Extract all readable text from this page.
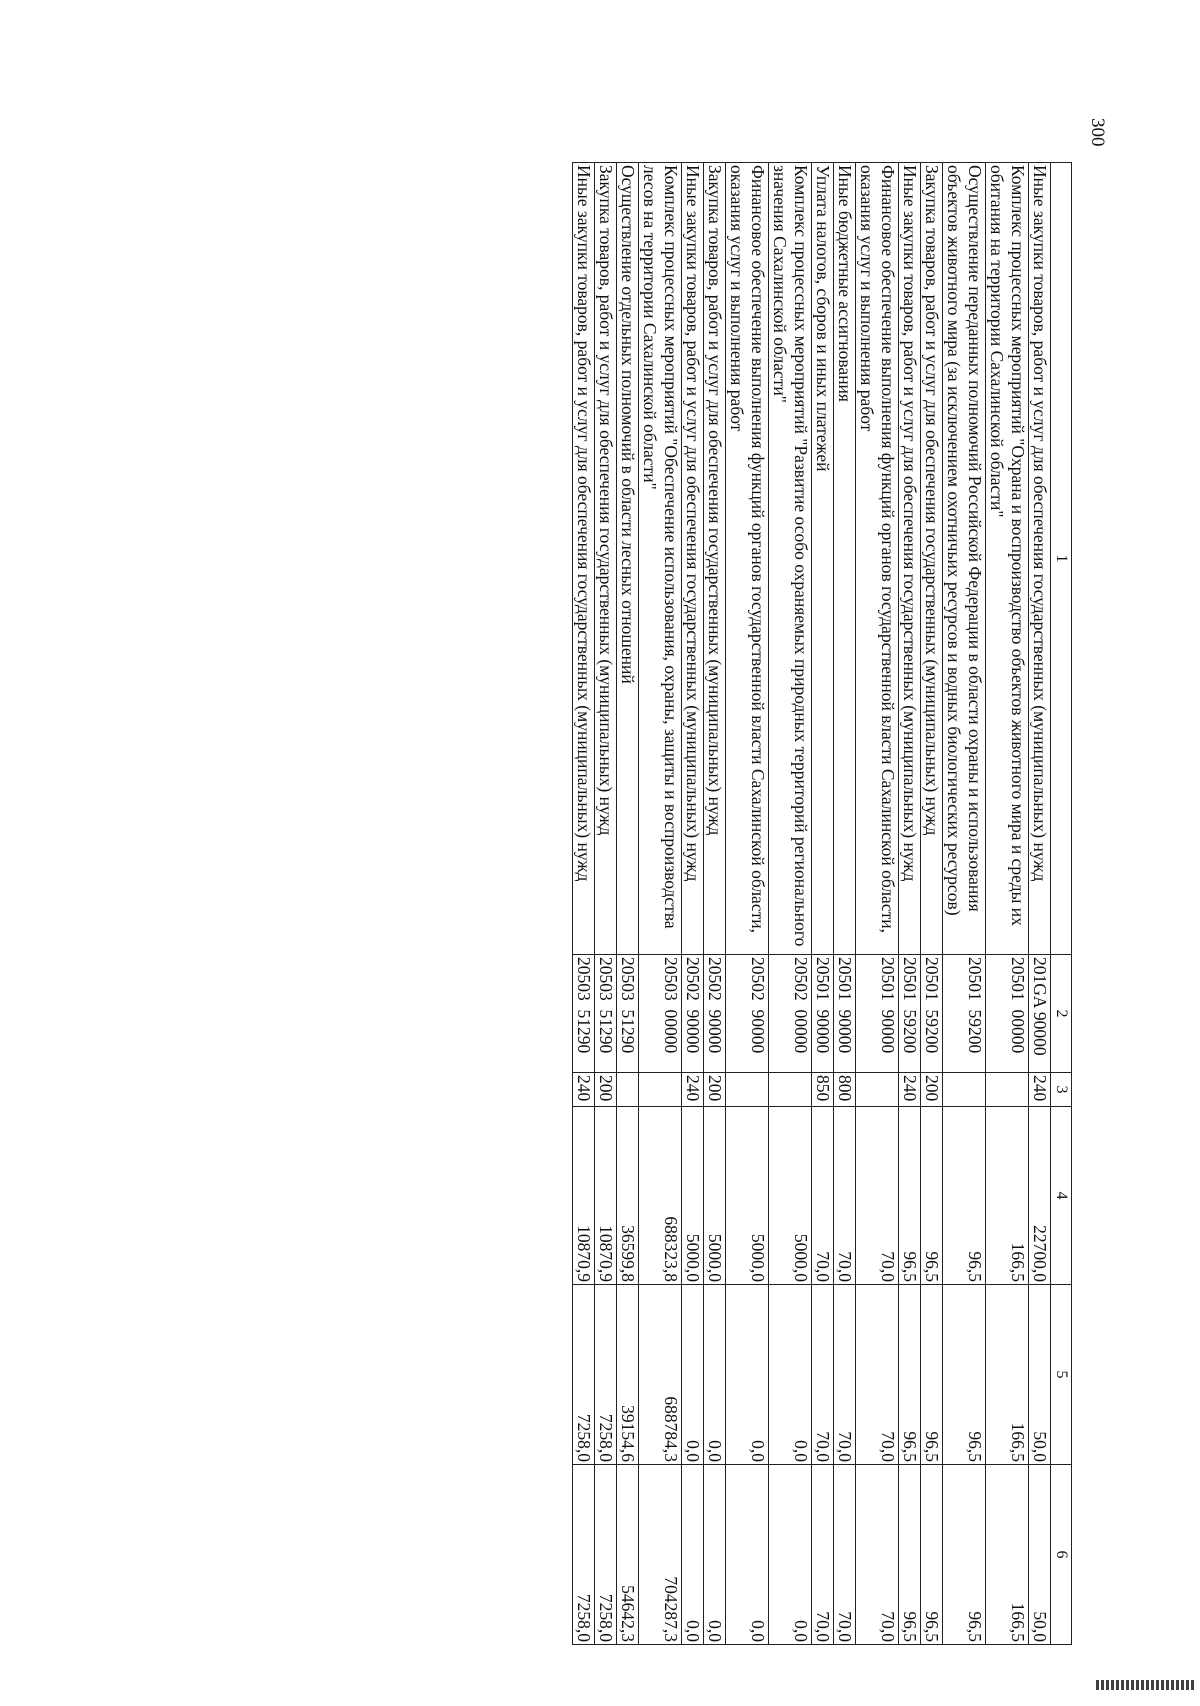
300
1	2	3	4	5	6
Иные закупки товаров, работ и услуг для обеспечения государственных (муниципальных) нужд	201GA 90000	240	22700,0	50,0	50,0
Комплекс процессных мероприятий "Охрана и воспроизводство объектов животного мира и среды их обитания на территории Сахалинской области"	20501  00000		166,5	166,5	166,5
Осуществление переданных полномочий Российской Федерации в области охраны и использования объектов животного мира (за исключением охотничьих ресурсов и водных биологических ресурсов)	20501  59200		96,5	96,5	96,5
Закупка товаров, работ и услуг для обеспечения государственных (муниципальных) нужд	20501  59200	200	96,5	96,5	96,5
Иные закупки товаров, работ и услуг для обеспечения государственных (муниципальных) нужд	20501  59200	240	96,5	96,5	96,5
Финансовое обеспечение выполнения функций органов государственной власти Сахалинской области, оказания услуг и выполнения работ	20501  90000		70,0	70,0	70,0
Иные бюджетные ассигнования	20501  90000	800	70,0	70,0	70,0
Уплата налогов, сборов и иных платежей	20501  90000	850	70,0	70,0	70,0
Комплекс процессных мероприятий "Развитие особо охраняемых природных территорий регионального значения Сахалинской области"	20502  00000		5000,0	0,0	0,0
Финансовое обеспечение выполнения функций органов государственной власти Сахалинской области, оказания услуг и выполнения работ	20502  90000		5000,0	0,0	0,0
Закупка товаров, работ и услуг для обеспечения государственных (муниципальных) нужд	20502  90000	200	5000,0	0,0	0,0
Иные закупки товаров, работ и услуг для обеспечения государственных (муниципальных) нужд	20502  90000	240	5000,0	0,0	0,0
Комплекс процессных мероприятий "Обеспечение использования, охраны, защиты и воспроизводства лесов на территории Сахалинской области"	20503  00000		688323,8	688784,3	704287,3
Осуществление отдельных полномочий в области лесных отношений	20503  51290		36599,8	39154,6	54642,3
Закупка товаров, работ и услуг для обеспечения государственных (муниципальных) нужд	20503  51290	200	10870,9	7258,0	7258,0
Иные закупки товаров, работ и услуг для обеспечения государственных (муниципальных) нужд	20503  51290	240	10870,9	7258,0	7258,0
